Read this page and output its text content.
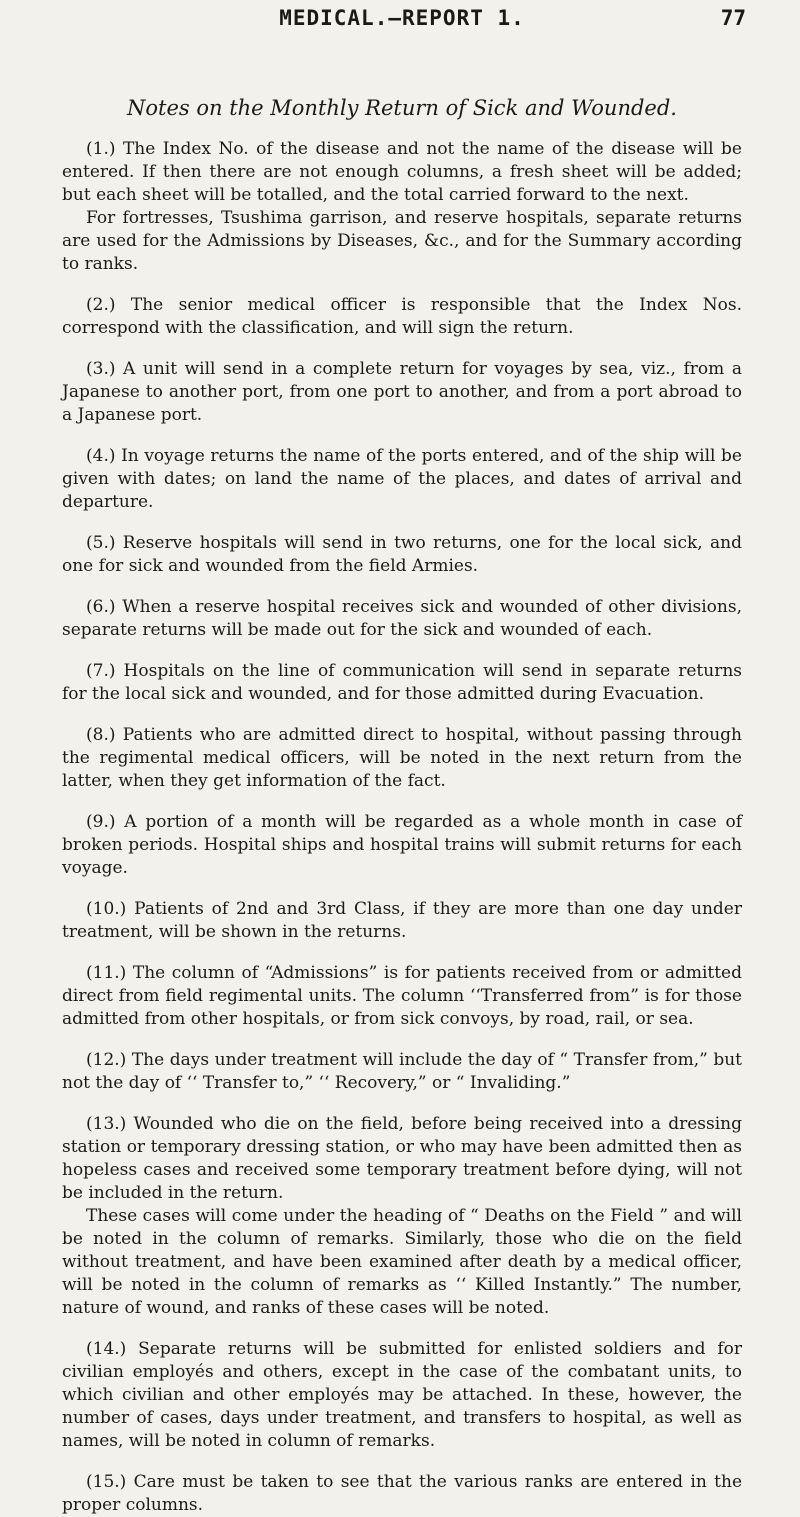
MEDICAL.—REPORT 1.	77
Notes on the Monthly Return of Sick and Wounded.

(1.) The Index No. of the disease and not the name of the disease will be entered. If then there are not enough columns, a fresh sheet will be added; but each sheet will be totalled, and the total carried forward to the next.

For fortresses, Tsushima garrison, and reserve hospitals, separate returns are used for the Admissions by Diseases, &c., and for the Summary according to ranks.

(2.) The senior medical officer is responsible that the Index Nos. correspond with the classification, and will sign the return.

(3.) A unit will send in a complete return for voyages by sea, viz., from a Japanese to another port, from one port to another, and from a port abroad to a Japanese port.

(4.) In voyage returns the name of the ports entered, and of the ship will be given with dates; on land the name of the places, and dates of arrival and departure.

(5.) Reserve hospitals will send in two returns, one for the local sick, and one for sick and wounded from the field Armies.

(6.) When a reserve hospital receives sick and wounded of other divisions, separate returns will be made out for the sick and wounded of each.

(7.) Hospitals on the line of communication will send in separate returns for the local sick and wounded, and for those admitted during Evacuation.

(8.) Patients who are admitted direct to hospital, without passing through the regimental medical officers, will be noted in the next return from the latter, when they get information of the fact.

(9.) A portion of a month will be regarded as a whole month in case of broken periods. Hospital ships and hospital trains will submit returns for each voyage.

(10.) Patients of 2nd and 3rd Class, if they are more than one day under treatment, will be shown in the returns.

(11.) The column of “Admissions” is for patients received from or admitted direct from field regimental units. The column ‘‘Transferred from” is for those admitted from other hospitals, or from sick convoys, by road, rail, or sea.

(12.) The days under treatment will include the day of “ Transfer from,” but not the day of ‘‘ Transfer to,” ‘‘ Recovery,” or “ Invaliding.”

(13.) Wounded who die on the field, before being received into a dressing station or temporary dressing station, or who may have been admitted then as hopeless cases and received some temporary treatment before dying, will not be included in the return.

These cases will come under the heading of “ Deaths on the Field ” and will be noted in the column of remarks. Similarly, those who die on the field without treatment, and have been examined after death by a medical officer, will be noted in the column of remarks as ‘‘ Killed Instantly.” The number, nature of wound, and ranks of these cases will be noted.

(14.) Separate returns will be submitted for enlisted soldiers and for civilian employés and others, except in the case of the combatant units, to which civilian and other employés may be attached. In these, however, the number of cases, days under treatment, and transfers to hospital, as well as names, will be noted in column of remarks.

(15.) Care must be taken to see that the various ranks are entered in the proper columns.
